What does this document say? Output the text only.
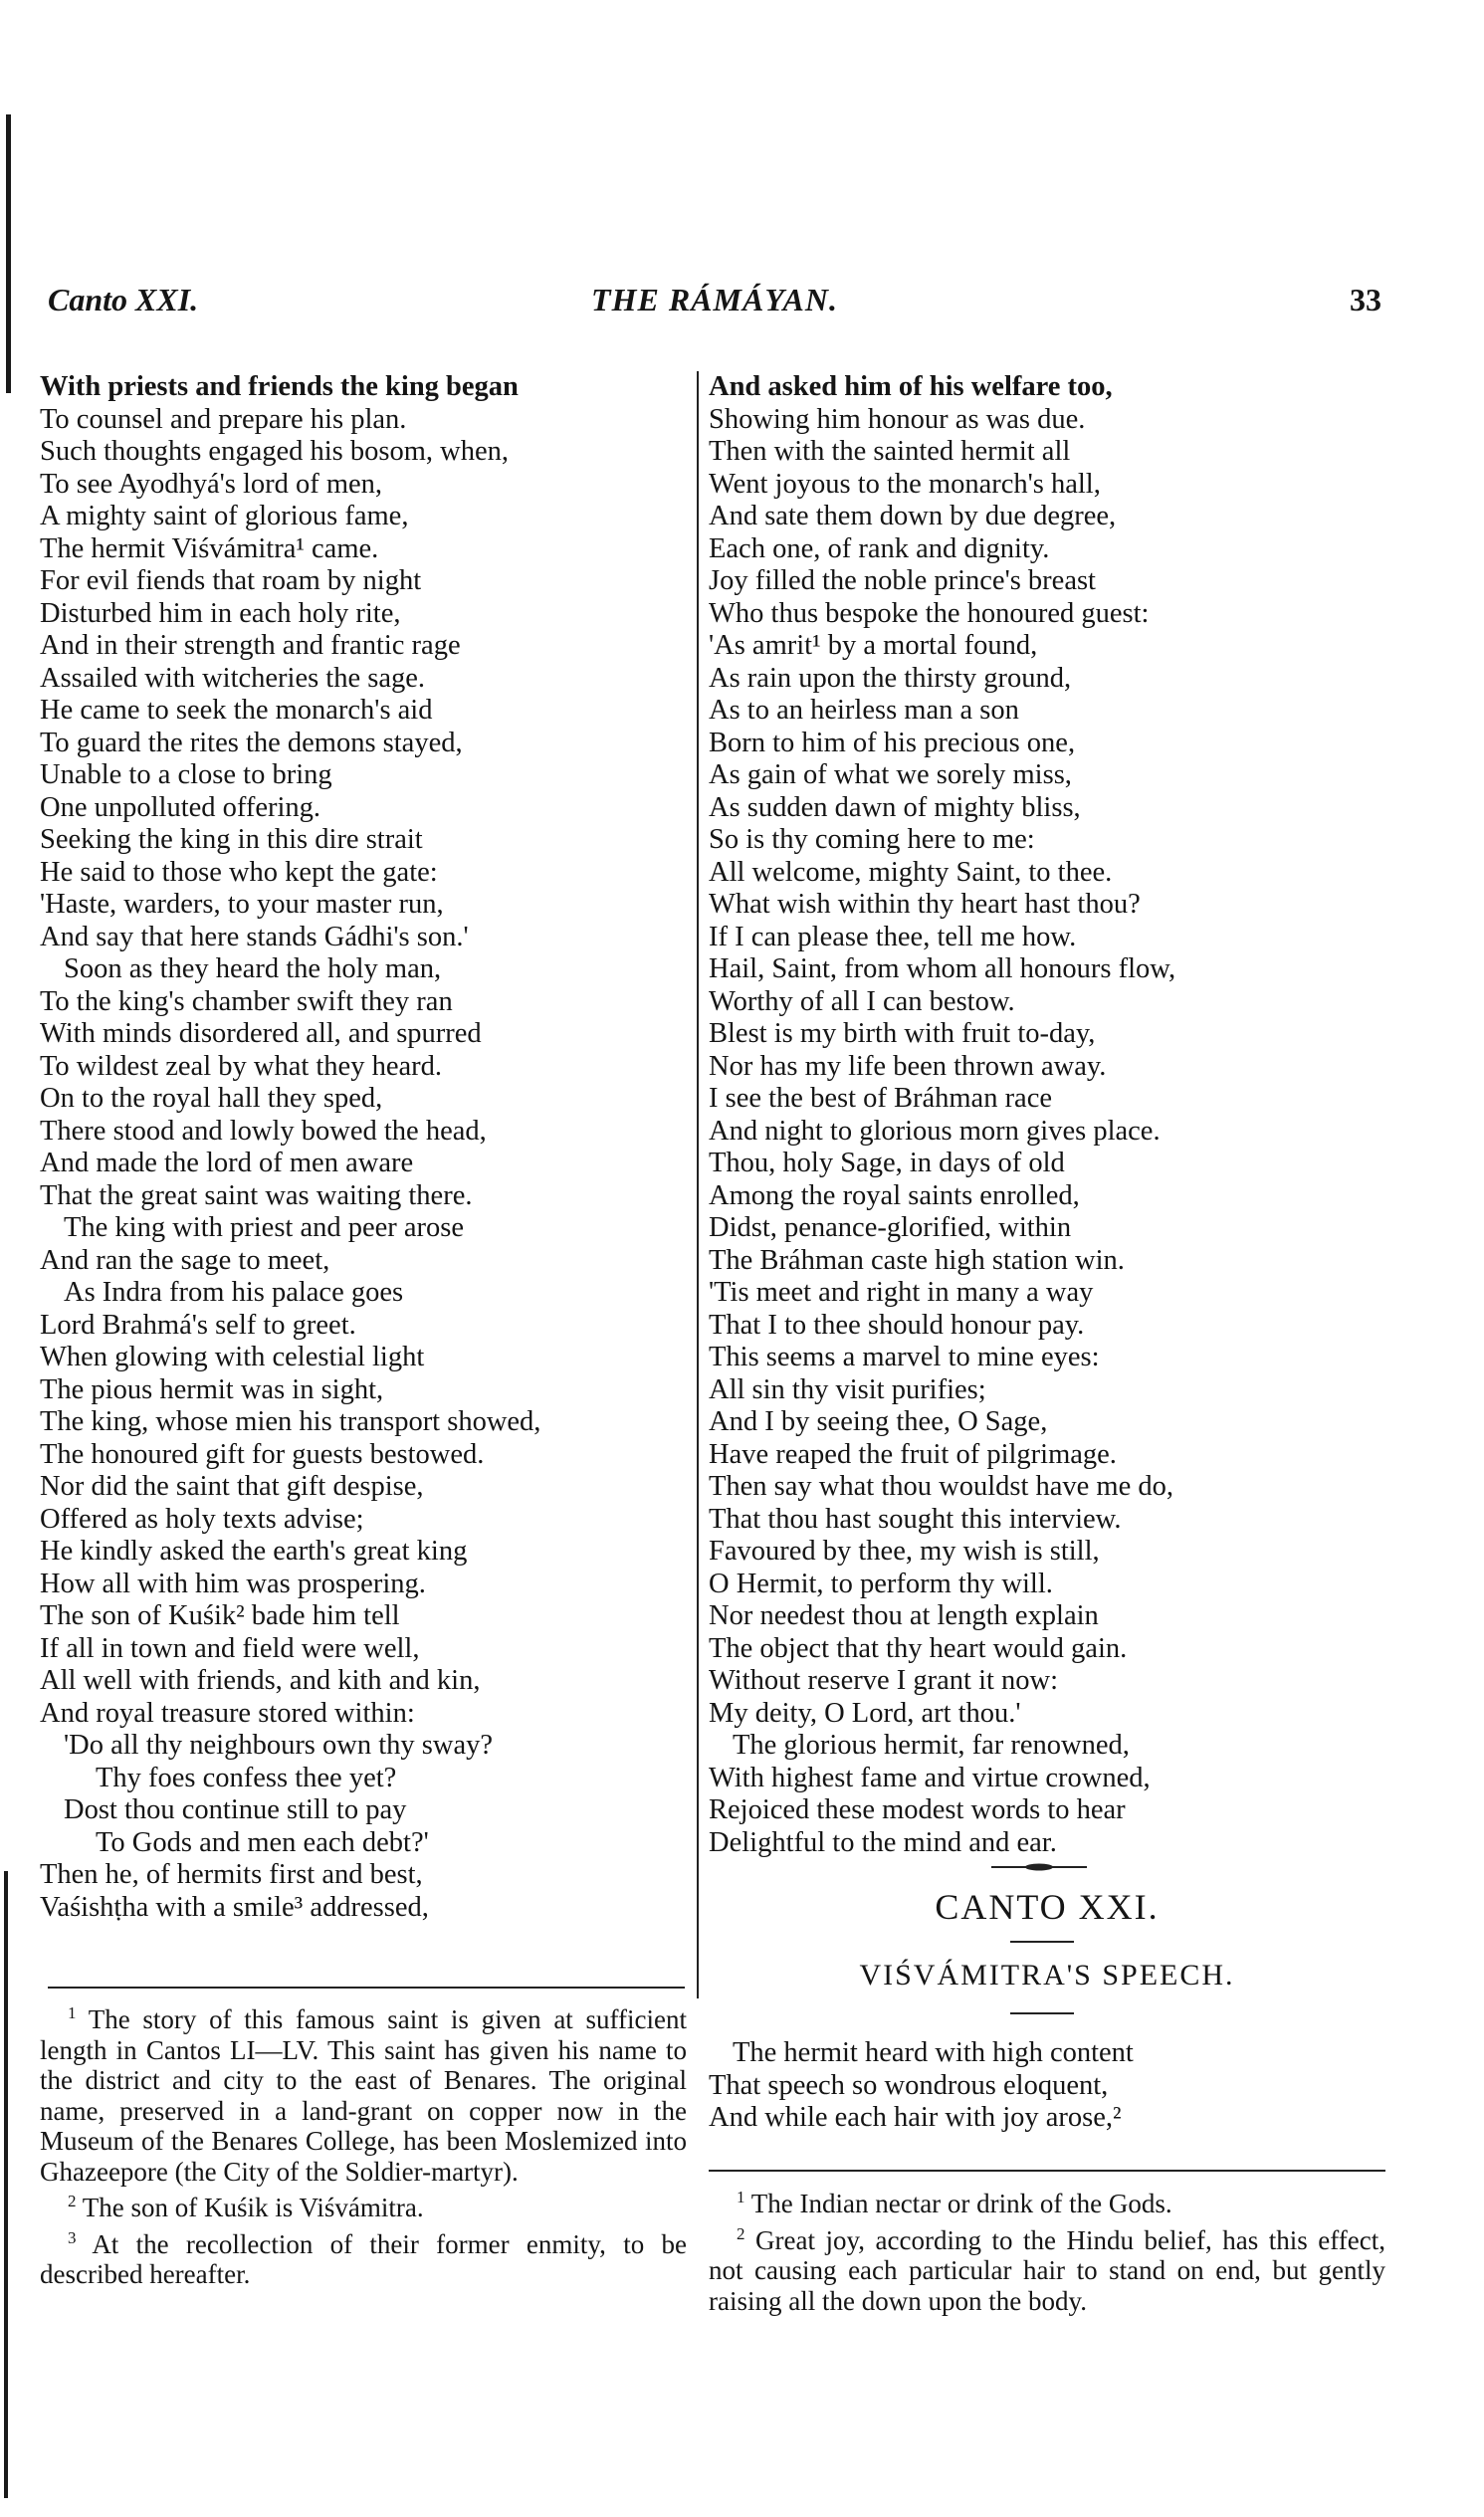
Canto XXI.	THE RÁMÁYAN.	33
With priests and friends the king began
To counsel and prepare his plan.
Such thoughts engaged his bosom, when,
To see Ayodhyá's lord of men,
A mighty saint of glorious fame,
The hermit Viśvámitra¹ came.
For evil fiends that roam by night
Disturbed him in each holy rite,
And in their strength and frantic rage
Assailed with witcheries the sage.
He came to seek the monarch's aid
To guard the rites the demons stayed,
Unable to a close to bring
One unpolluted offering.
Seeking the king in this dire strait
He said to those who kept the gate:
'Haste, warders, to your master run,
And say that here stands Gádhi's son.'
Soon as they heard the holy man,
To the king's chamber swift they ran
With minds disordered all, and spurred
To wildest zeal by what they heard.
On to the royal hall they sped,
There stood and lowly bowed the head,
And made the lord of men aware
That the great saint was waiting there.
The king with priest and peer arose
And ran the sage to meet,
As Indra from his palace goes
Lord Brahmá's self to greet.
When glowing with celestial light
The pious hermit was in sight,
The king, whose mien his transport showed,
The honoured gift for guests bestowed.
Nor did the saint that gift despise,
Offered as holy texts advise;
He kindly asked the earth's great king
How all with him was prospering.
The son of Kuśik² bade him tell
If all in town and field were well,
All well with friends, and kith and kin,
And royal treasure stored within:
'Do all thy neighbours own thy sway?
Thy foes confess thee yet?
Dost thou continue still to pay
To Gods and men each debt?'
Then he, of hermits first and best,
Vaśishṭha with a smile³ addressed,
And asked him of his welfare too,
Showing him honour as was due.
Then with the sainted hermit all
Went joyous to the monarch's hall,
And sate them down by due degree,
Each one, of rank and dignity.
Joy filled the noble prince's breast
Who thus bespoke the honoured guest:
'As amrit¹ by a mortal found,
As rain upon the thirsty ground,
As to an heirless man a son
Born to him of his precious one,
As gain of what we sorely miss,
As sudden dawn of mighty bliss,
So is thy coming here to me:
All welcome, mighty Saint, to thee.
What wish within thy heart hast thou?
If I can please thee, tell me how.
Hail, Saint, from whom all honours flow,
Worthy of all I can bestow.
Blest is my birth with fruit to-day,
Nor has my life been thrown away.
I see the best of Bráhman race
And night to glorious morn gives place.
Thou, holy Sage, in days of old
Among the royal saints enrolled,
Didst, penance-glorified, within
The Bráhman caste high station win.
'Tis meet and right in many a way
That I to thee should honour pay.
This seems a marvel to mine eyes:
All sin thy visit purifies;
And I by seeing thee, O Sage,
Have reaped the fruit of pilgrimage.
Then say what thou wouldst have me do,
That thou hast sought this interview.
Favoured by thee, my wish is still,
O Hermit, to perform thy will.
Nor needest thou at length explain
The object that thy heart would gain.
Without reserve I grant it now:
My deity, O Lord, art thou.'
The glorious hermit, far renowned,
With highest fame and virtue crowned,
Rejoiced these modest words to hear
Delightful to the mind and ear.
$^1$ The story of this famous saint is given at sufficient length in Cantos LI—LV. This saint has given his name to the district and city to the east of Benares. The original name, preserved in a land-grant on copper now in the Museum of the Benares College, has been Moslemized into Ghazeepore (the City of the Soldier-martyr).
$^2$ The son of Kuśik is Viśvámitra.
$^3$ At the recollection of their former enmity, to be described hereafter.
CANTO XXI.
VIŚVÁMITRA'S SPEECH.
The hermit heard with high content
That speech so wondrous eloquent,
And while each hair with joy arose,²
$^1$ The Indian nectar or drink of the Gods.
$^2$ Great joy, according to the Hindu belief, has this effect, not causing each particular hair to stand on end, but gently raising all the down upon the body.
